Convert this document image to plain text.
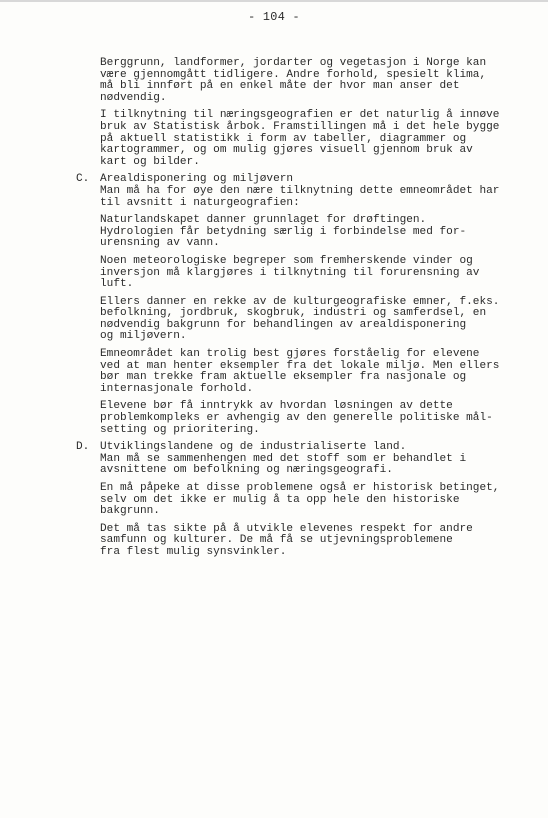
- 104 -

Berggrunn, landformer, jordarter og vegetasjon i Norge kan
være gjennomgått tidligere. Andre forhold, spesielt klima,
må bli innført på en enkel måte der hvor man anser det
nødvendig.

I tilknytning til næringsgeografien er det naturlig å innøve
bruk av Statistisk årbok. Framstillingen må i det hele bygge
på aktuell statistikk i form av tabeller, diagrammer og
kartogrammer, og om mulig gjøres visuell gjennom bruk av
kart og bilder.

C. Arealdisponering og miljøvern

Man må ha for øye den nære tilknytning dette emneområdet har
til avsnitt i naturgeografien:

Naturlandskapet danner grunnlaget for drøftingen.
Hydrologien får betydning særlig i forbindelse med for-
urensning av vann.

Noen meteorologiske begreper som fremherskende vinder og
inversjon må klargjøres i tilknytning til forurensning av
luft.

Ellers danner en rekke av de kulturgeografiske emner, f.eks.
befolkning, jordbruk, skogbruk, industri og samferdsel, en
nødvendig bakgrunn for behandlingen av arealdisponering
og miljøvern.

Emneområdet kan trolig best gjøres forståelig for elevene
ved at man henter eksempler fra det lokale miljø. Men ellers
bør man trekke fram aktuelle eksempler fra nasjonale og
internasjonale forhold.

Elevene bør få inntrykk av hvordan løsningen av dette
problemkompleks er avhengig av den generelle politiske mål-
setting og prioritering.

D. Utviklingslandene og de industrialiserte land.

Man må se sammenhengen med det stoff som er behandlet i
avsnittene om befolkning og næringsgeografi.

En må påpeke at disse problemene også er historisk betinget,
selv om det ikke er mulig å ta opp hele den historiske
bakgrunn.

Det må tas sikte på å utvikle elevenes respekt for andre
samfunn og kulturer. De må få se utjevningsproblemene
fra flest mulig synsvinkler.
